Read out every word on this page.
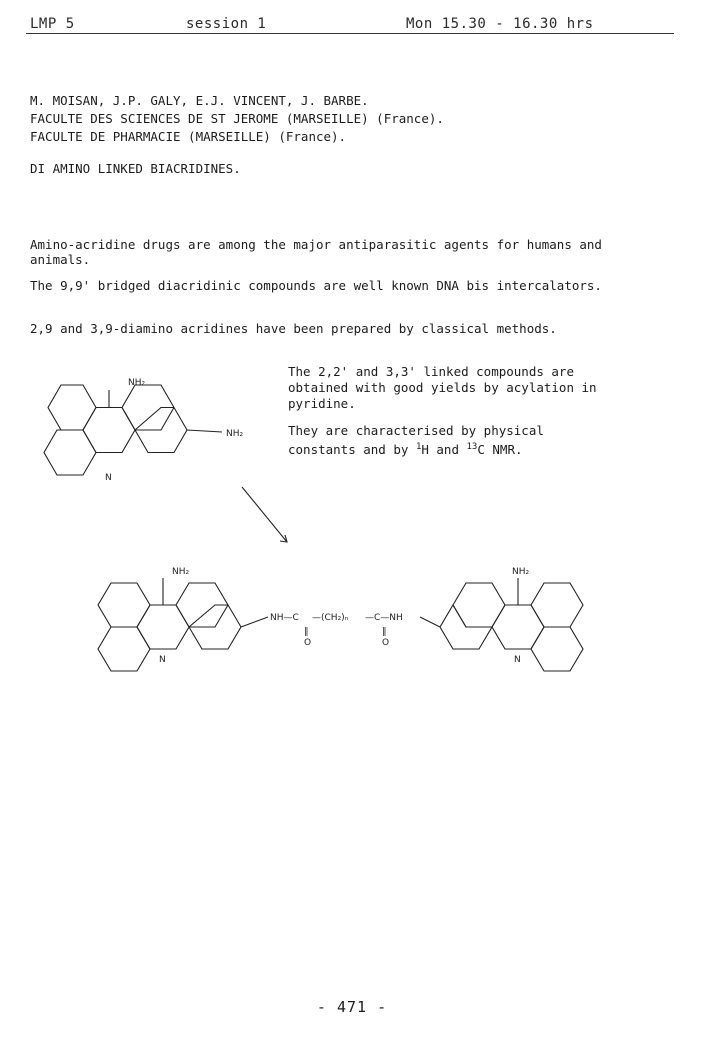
LMP 5	session 1	Mon 15.30 - 16.30 hrs
M. MOISAN, J.P. GALY, E.J. VINCENT, J. BARBE.
FACULTE DES SCIENCES DE ST JEROME (MARSEILLE) (France).
FACULTE DE PHARMACIE (MARSEILLE) (France).
DI AMINO LINKED BIACRIDINES.
Amino-acridine drugs are among the major antiparasitic agents for humans and animals.
The 9,9' bridged diacridinic compounds are well known DNA bis intercalators.
2,9 and 3,9-diamino acridines have been prepared by classical methods.
The 2,2' and 3,3' linked compounds are obtained with good yields by acylation in pyridine.
They are characterised by physical constants and by $^1$H and $^{13}$C NMR.
NH₂
NH₂
N
NH₂	NH₂
N	N
NH—C —(CH₂)ₙ —C—NH
‖	‖
O	O
- 471 -
